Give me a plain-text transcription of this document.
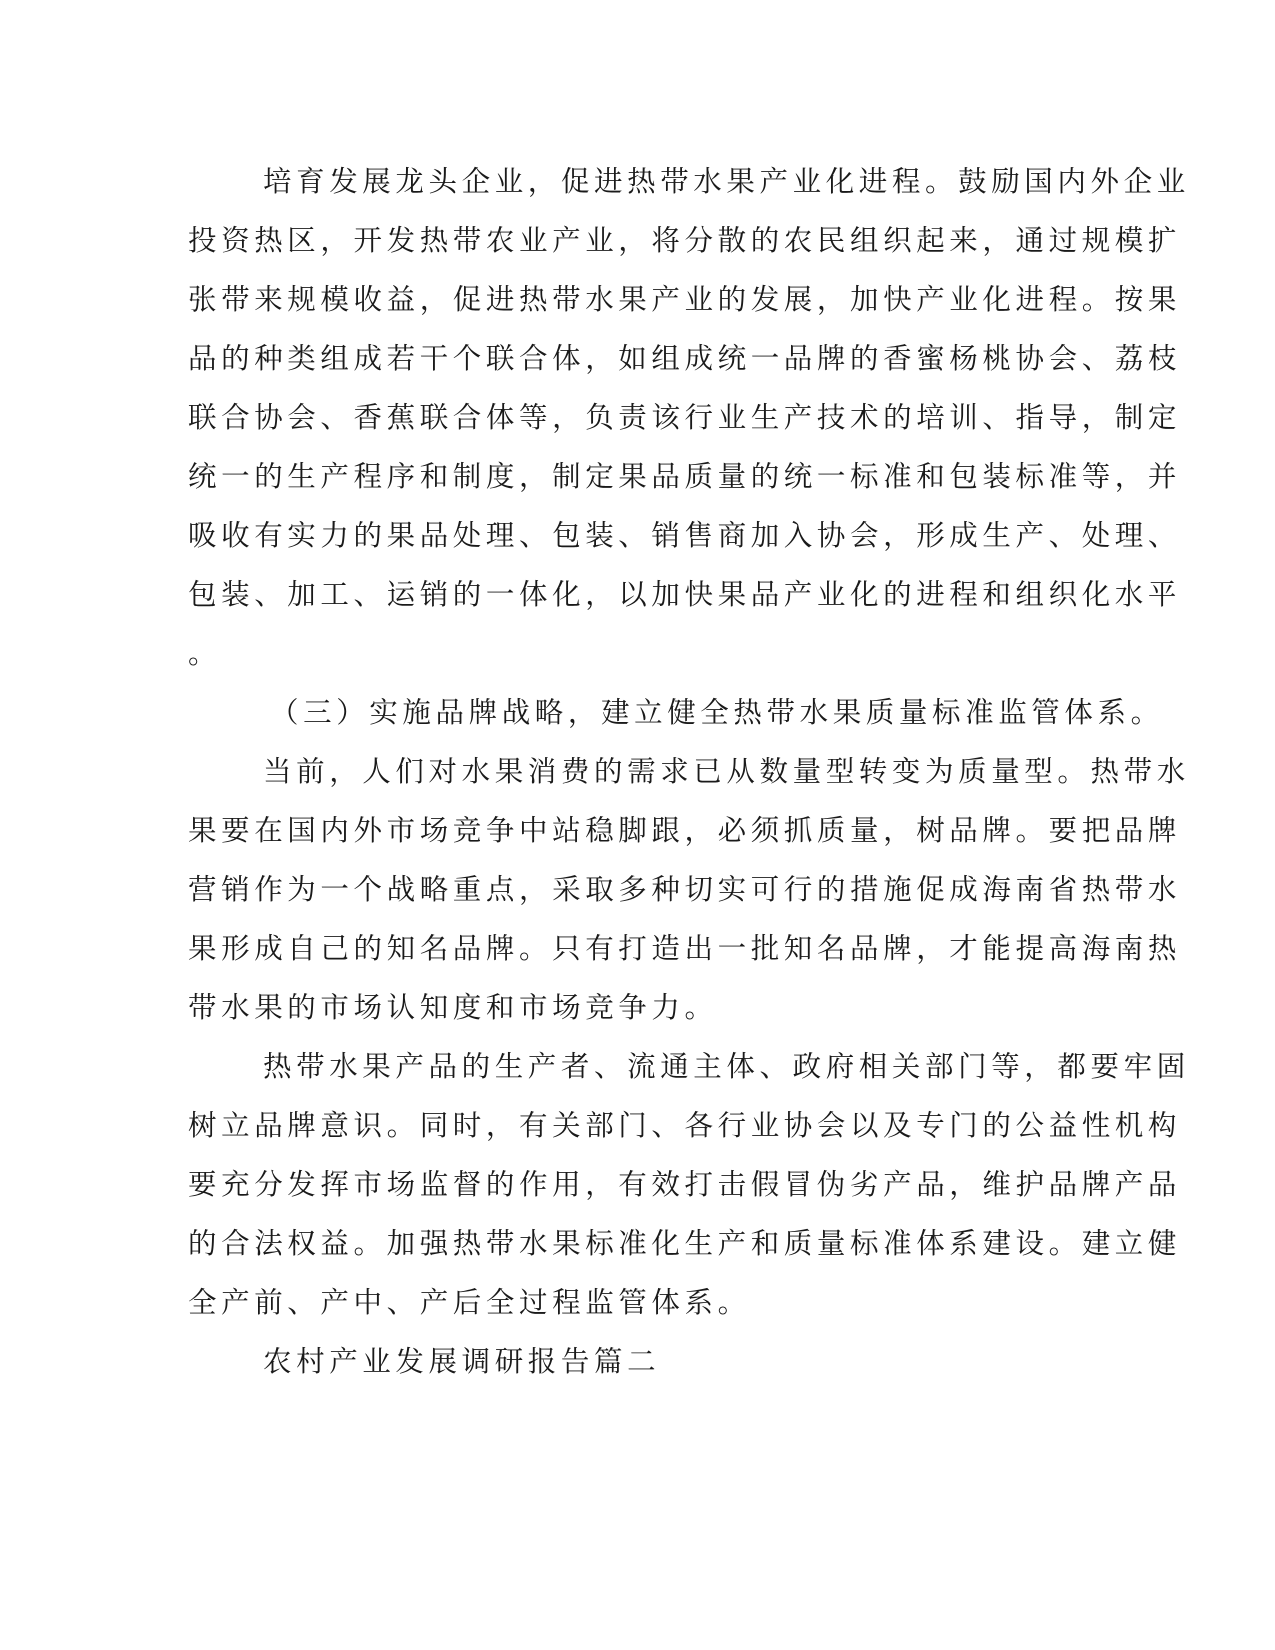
培育发展龙头企业，促进热带水果产业化进程。鼓励国内外企业

投资热区，开发热带农业产业，将分散的农民组织起来，通过规模扩

张带来规模收益，促进热带水果产业的发展，加快产业化进程。按果

品的种类组成若干个联合体，如组成统一品牌的香蜜杨桃协会、荔枝

联合协会、香蕉联合体等，负责该行业生产技术的培训、指导，制定

统一的生产程序和制度，制定果品质量的统一标准和包装标准等，并

吸收有实力的果品处理、包装、销售商加入协会，形成生产、处理、

包装、加工、运销的一体化，以加快果品产业化的进程和组织化水平

。

（三）实施品牌战略，建立健全热带水果质量标准监管体系。

当前，人们对水果消费的需求已从数量型转变为质量型。热带水

果要在国内外市场竞争中站稳脚跟，必须抓质量，树品牌。要把品牌

营销作为一个战略重点，采取多种切实可行的措施促成海南省热带水

果形成自己的知名品牌。只有打造出一批知名品牌，才能提高海南热

带水果的市场认知度和市场竞争力。

热带水果产品的生产者、流通主体、政府相关部门等，都要牢固

树立品牌意识。同时，有关部门、各行业协会以及专门的公益性机构

要充分发挥市场监督的作用，有效打击假冒伪劣产品，维护品牌产品

的合法权益。加强热带水果标准化生产和质量标准体系建设。建立健

全产前、产中、产后全过程监管体系。

农村产业发展调研报告篇二
